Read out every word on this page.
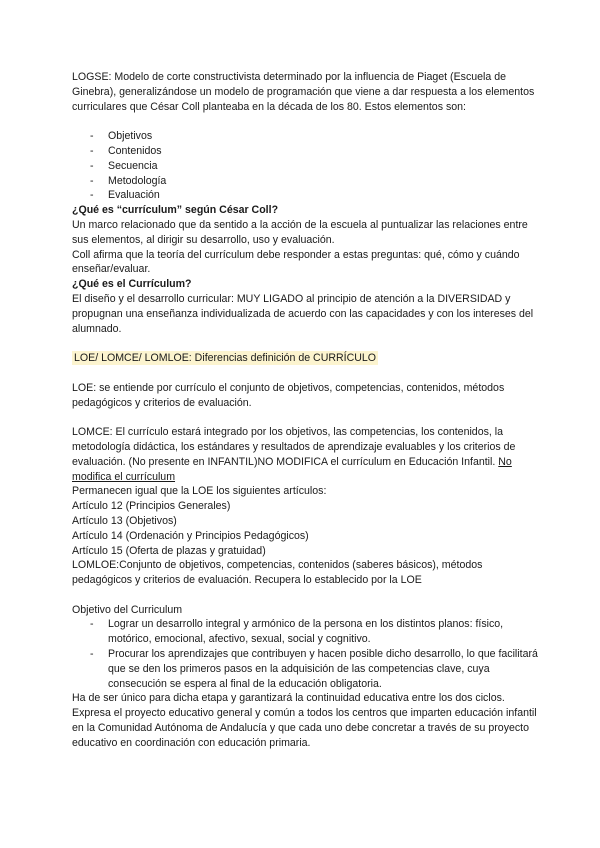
LOGSE: Modelo de corte constructivista determinado por la influencia de Piaget (Escuela de Ginebra), generalizándose un modelo de programación que viene a dar respuesta a los elementos curriculares que César Coll planteaba en la década de los 80. Estos elementos son:

- Objetivos
- Contenidos
- Secuencia
- Metodología
- Evaluación

¿Qué es “currículum” según César Coll?

Un marco relacionado que da sentido a la acción de la escuela al puntualizar las relaciones entre sus elementos, al dirigir su desarrollo, uso y evaluación.

Coll afirma que la teoría del currículum debe responder a estas preguntas: qué, cómo y cuándo enseñar/evaluar.

¿Qué es el Currículum?

El diseño y el desarrollo curricular: MUY LIGADO al principio de atención a la DIVERSIDAD y propugnan una enseñanza individualizada de acuerdo con las capacidades y con los intereses del alumnado.

LOE/ LOMCE/ LOMLOE: Diferencias definición de CURRÍCULO

LOE: se entiende por currículo el conjunto de objetivos, competencias, contenidos, métodos pedagógicos y criterios de evaluación.

LOMCE: El currículo estará integrado por los objetivos, las competencias, los contenidos, la metodología didáctica, los estándares y resultados de aprendizaje evaluables y los criterios de evaluación. (No presente en INFANTIL)NO MODIFICA el currículum en Educación Infantil. No modifica el currículum

Permanecen igual que la LOE los siguientes artículos:

Artículo 12 (Principios Generales)

Artículo 13 (Objetivos)

Artículo 14 (Ordenación y Principios Pedagógicos)

Artículo 15 (Oferta de plazas y gratuidad)

LOMLOE:Conjunto de objetivos, competencias, contenidos (saberes básicos), métodos pedagógicos y criterios de evaluación. Recupera lo establecido por la LOE

Objetivo del Curriculum

- Lograr un desarrollo integral y armónico de la persona en los distintos planos: físico, motórico, emocional, afectivo, sexual, social y cognitivo.
- Procurar los aprendizajes que contribuyen y hacen posible dicho desarrollo, lo que facilitará que se den los primeros pasos en la adquisición de las competencias clave, cuya consecución se espera al final de la educación obligatoria.

Ha de ser único para dicha etapa y garantizará la continuidad educativa entre los dos ciclos. Expresa el proyecto educativo general y común a todos los centros que imparten educación infantil en la Comunidad Autónoma de Andalucía y que cada uno debe concretar a través de su proyecto educativo en coordinación con educación primaria.
